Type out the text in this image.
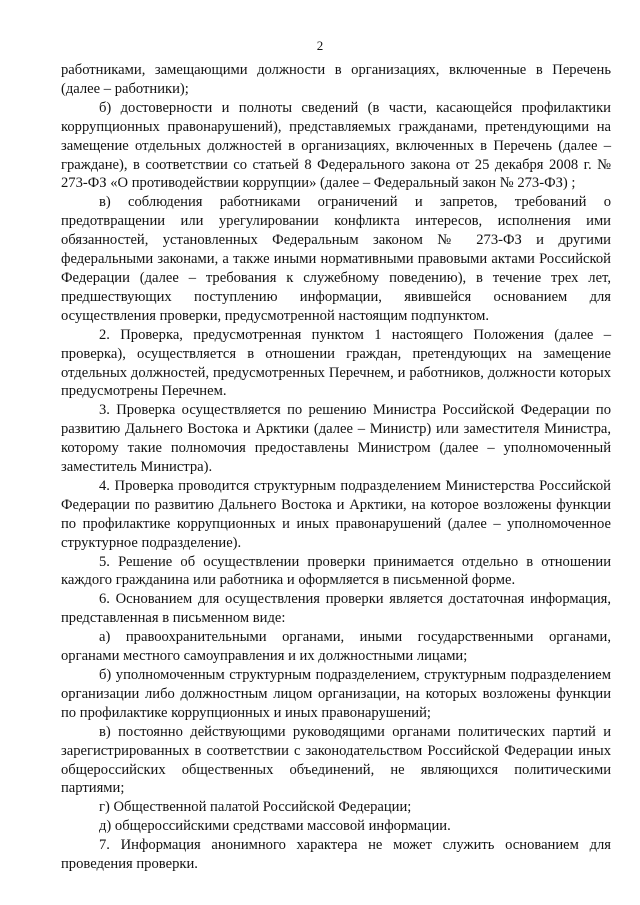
2

работниками, замещающими должности в организациях, включенные в Перечень (далее – работники);

б) достоверности и полноты сведений (в части, касающейся профилактики коррупционных правонарушений), представляемых гражданами, претендующими на замещение отдельных должностей в организациях, включенных в Перечень (далее – граждане), в соответствии со статьей 8 Федерального закона от 25 декабря 2008 г. № 273-ФЗ «О противодействии коррупции» (далее – Федеральный закон № 273-ФЗ) ;

в) соблюдения работниками ограничений и запретов, требований о предотвращении или урегулировании конфликта интересов, исполнения ими обязанностей, установленных Федеральным законом № 273-ФЗ и другими федеральными законами, а также иными нормативными правовыми актами Российской Федерации (далее – требования к служебному поведению), в течение трех лет, предшествующих поступлению информации, явившейся основанием для осуществления проверки, предусмотренной настоящим подпунктом.

2. Проверка, предусмотренная пунктом 1 настоящего Положения (далее – проверка), осуществляется в отношении граждан, претендующих на замещение отдельных должностей, предусмотренных Перечнем, и работников, должности которых предусмотрены Перечнем.

3. Проверка осуществляется по решению Министра Российской Федерации по развитию Дальнего Востока и Арктики (далее – Министр) или заместителя Министра, которому такие полномочия предоставлены Министром (далее – уполномоченный заместитель Министра).

4. Проверка проводится структурным подразделением Министерства Российской Федерации по развитию Дальнего Востока и Арктики, на которое возложены функции по профилактике коррупционных и иных правонарушений (далее – уполномоченное структурное подразделение).

5. Решение об осуществлении проверки принимается отдельно в отношении каждого гражданина или работника и оформляется в письменной форме.

6. Основанием для осуществления проверки является достаточная информация, представленная в письменном виде:

а) правоохранительными органами, иными государственными органами, органами местного самоуправления и их должностными лицами;

б) уполномоченным структурным подразделением, структурным подразделением организации либо должностным лицом организации, на которых возложены функции по профилактике коррупционных и иных правонарушений;

в) постоянно действующими руководящими органами политических партий и зарегистрированных в соответствии с законодательством Российской Федерации иных общероссийских общественных объединений, не являющихся политическими партиями;

г) Общественной палатой Российской Федерации;

д) общероссийскими средствами массовой информации.

7. Информация анонимного характера не может служить основанием для проведения проверки.
